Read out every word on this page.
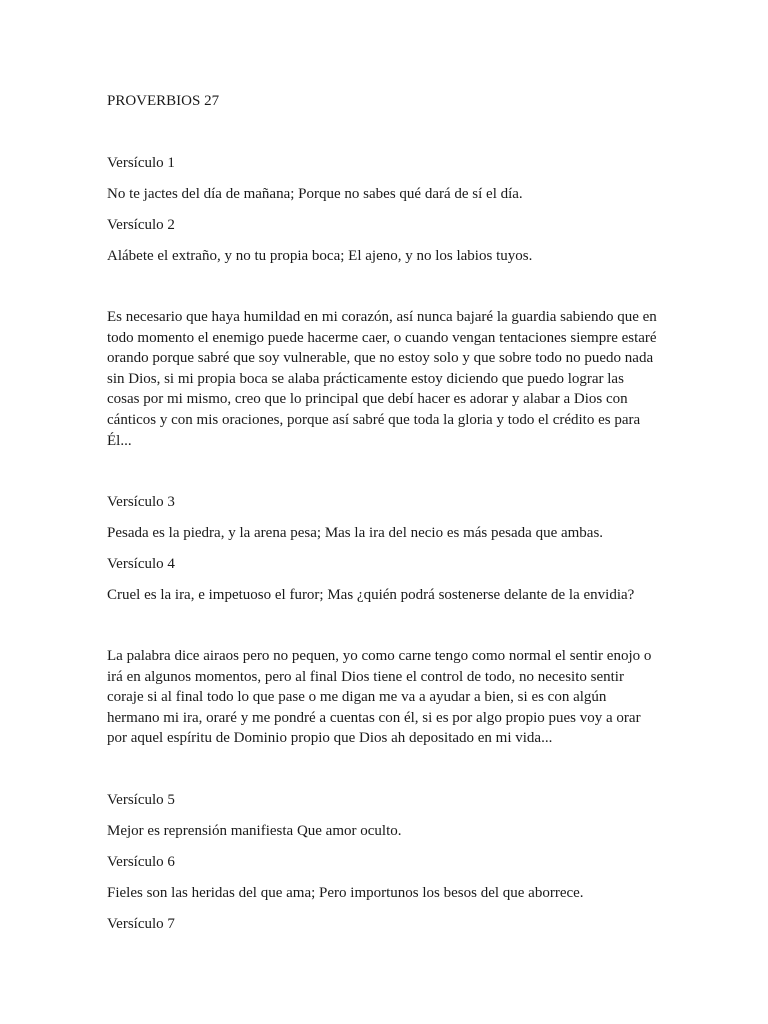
PROVERBIOS 27

Versículo 1

No te jactes del día de mañana; Porque no sabes qué dará de sí el día.

Versículo 2

Alábete el extraño, y no tu propia boca; El ajeno, y no los labios tuyos.

Es necesario que haya humildad en mi corazón, así nunca bajaré la guardia sabiendo que en
todo momento el enemigo puede hacerme caer, o cuando vengan tentaciones siempre estaré
orando porque sabré que soy vulnerable, que no estoy solo y que sobre todo no puedo nada
sin Dios, si mi propia boca se alaba prácticamente estoy diciendo que puedo lograr las
cosas por mi mismo, creo que lo principal que debí hacer es adorar y alabar a Dios con
cánticos y con mis oraciones, porque así sabré que toda la gloria y todo el crédito es para
Él...

Versículo 3

Pesada es la piedra, y la arena pesa; Mas la ira del necio es más pesada que ambas.

Versículo 4

Cruel es la ira, e impetuoso el furor; Mas ¿quién podrá sostenerse delante de la envidia?

La palabra dice airaos pero no pequen, yo como carne tengo como normal el sentir enojo o
irá en algunos momentos, pero al final Dios tiene el control de todo, no necesito sentir
coraje si al final todo lo que pase o me digan me va a ayudar a bien, si es con algún
hermano mi ira, oraré y me pondré a cuentas con él, si es por algo propio pues voy a orar
por aquel espíritu de Dominio propio que Dios ah depositado en mi vida...

Versículo 5

Mejor es reprensión manifiesta Que amor oculto.

Versículo 6

Fieles son las heridas del que ama; Pero importunos los besos del que aborrece.

Versículo 7
